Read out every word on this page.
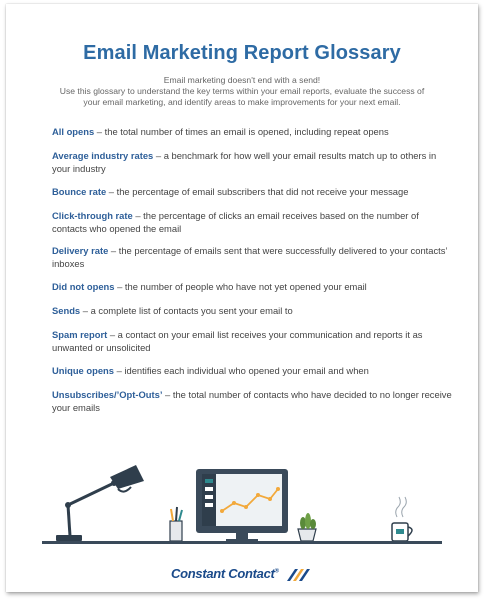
Email Marketing Report Glossary
Email marketing doesn't end with a send!
Use this glossary to understand the key terms within your email reports, evaluate the success of
your email marketing, and identify areas to make improvements for your next email.
All opens – the total number of times an email is opened, including repeat opens
Average industry rates – a benchmark for how well your email results match up to others in your industry
Bounce rate – the percentage of email subscribers that did not receive your message
Click-through rate – the percentage of clicks an email receives based on the number of contacts who opened the email
Delivery rate – the percentage of emails sent that were successfully delivered to your contacts’ inboxes
Did not opens – the number of people who have not yet opened your email
Sends – a complete list of contacts you sent your email to
Spam report – a contact on your email list receives your communication and reports it as unwanted or unsolicited
Unique opens – identifies each individual who opened your email and when
Unsubscribes/’Opt-Outs’ – the total number of contacts who have decided to no longer receive your emails
Constant Contact®
